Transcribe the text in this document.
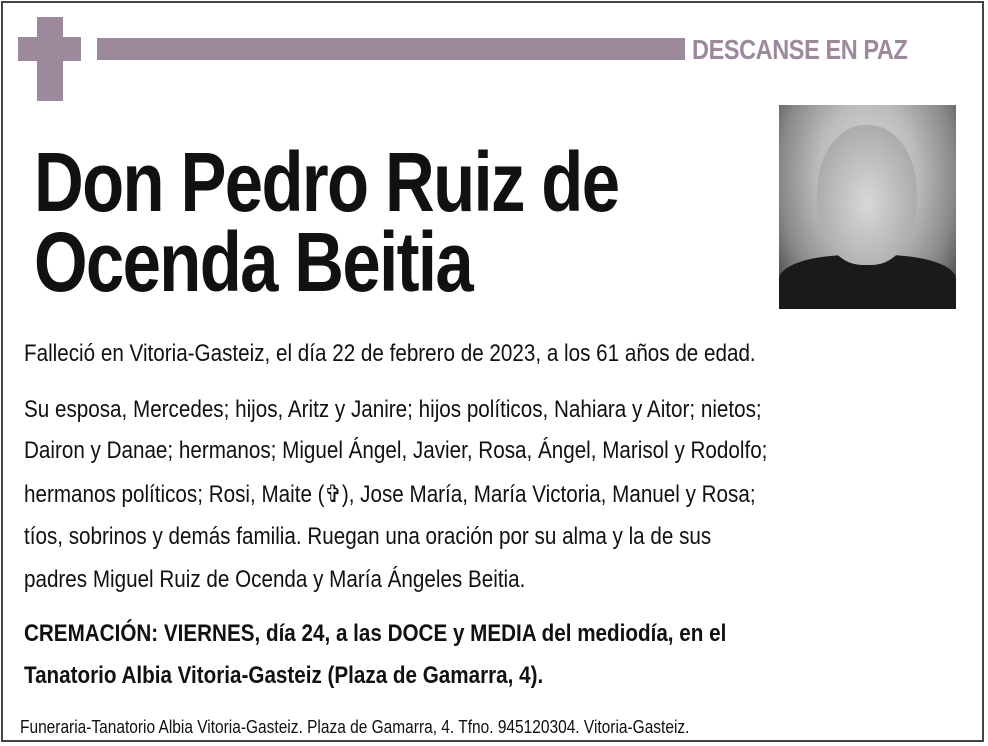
DESCANSE EN PAZ
Don Pedro Ruiz de
Ocenda Beitia
Falleció en Vitoria-Gasteiz, el día 22 de febrero de 2023, a los 61 años de edad.
Su esposa, Mercedes; hijos, Aritz y Janire; hijos políticos, Nahiara y Aitor; nietos;
Dairon y Danae; hermanos; Miguel Ángel, Javier, Rosa, Ángel, Marisol y Rodolfo;
hermanos políticos; Rosi, Maite (✞), Jose María, María Victoria, Manuel y Rosa;
tíos, sobrinos y demás familia. Ruegan una oración por su alma y la de sus
padres Miguel Ruiz de Ocenda y María Ángeles Beitia.
CREMACIÓN: VIERNES, día 24, a las DOCE y MEDIA del mediodía, en el
Tanatorio Albia Vitoria-Gasteiz (Plaza de Gamarra, 4).
Funeraria-Tanatorio Albia Vitoria-Gasteiz. Plaza de Gamarra, 4. Tfno. 945120304. Vitoria-Gasteiz.
